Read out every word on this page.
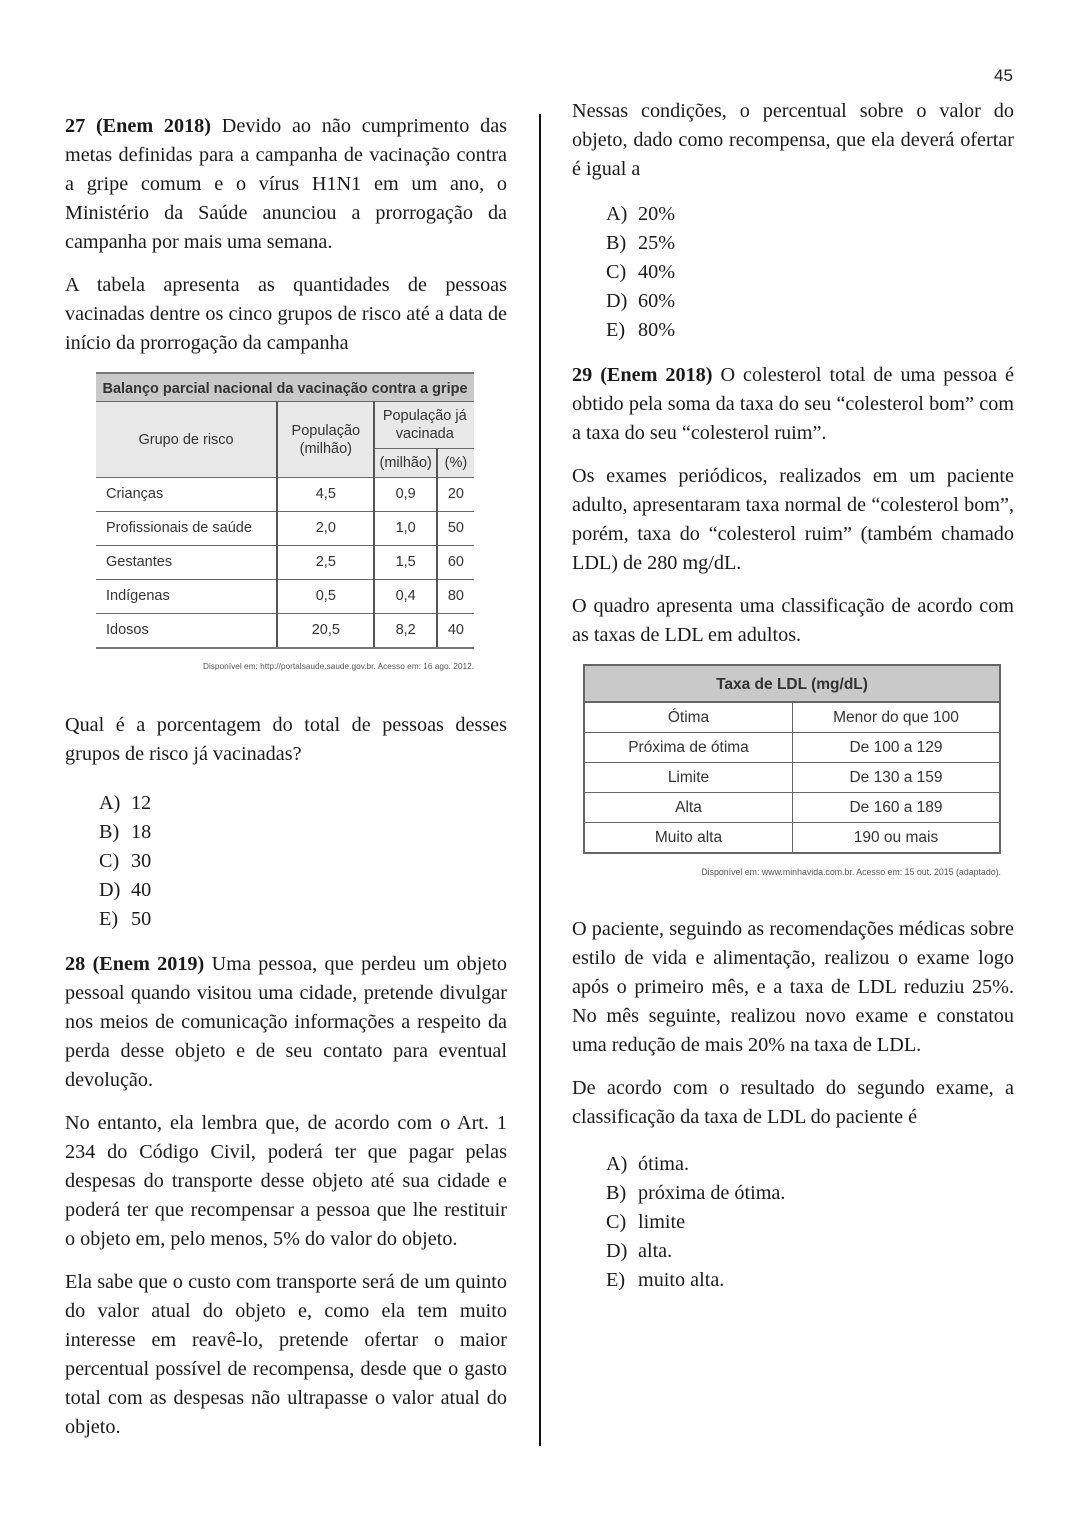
45

27 (Enem 2018) Devido ao não cumprimento das metas definidas para a campanha de vacinação contra a gripe comum e o vírus H1N1 em um ano, o Ministério da Saúde anunciou a prorrogação da campanha por mais uma semana.

A tabela apresenta as quantidades de pessoas vacinadas dentre os cinco grupos de risco até a data de início da prorrogação da campanha

Balanço parcial nacional da vacinação contra a gripe			
Grupo de risco	População (milhão)	População já vacinada	
		(milhão)	(%)
Crianças	4,5	0,9	20
Profissionais de saúde	2,0	1,0	50
Gestantes	2,5	1,5	60
Indígenas	0,5	0,4	80
Idosos	20,5	8,2	40
Disponível em: http://portalsaude.saude.gov.br. Acesso em: 16 ago. 2012.

Qual é a porcentagem do total de pessoas desses grupos de risco já vacinadas?

A) 12
B) 18
C) 30
D) 40
E) 50

28 (Enem 2019) Uma pessoa, que perdeu um objeto pessoal quando visitou uma cidade, pretende divulgar nos meios de comunicação informações a respeito da perda desse objeto e de seu contato para eventual devolução.

No entanto, ela lembra que, de acordo com o Art. 1 234 do Código Civil, poderá ter que pagar pelas despesas do transporte desse objeto até sua cidade e poderá ter que recompensar a pessoa que lhe restituir o objeto em, pelo menos, 5% do valor do objeto.

Ela sabe que o custo com transporte será de um quinto do valor atual do objeto e, como ela tem muito interesse em reavê-lo, pretende ofertar o maior percentual possível de recompensa, desde que o gasto total com as despesas não ultrapasse o valor atual do objeto.

Nessas condições, o percentual sobre o valor do objeto, dado como recompensa, que ela deverá ofertar é igual a

A) 20%
B) 25%
C) 40%
D) 60%
E) 80%

29 (Enem 2018) O colesterol total de uma pessoa é obtido pela soma da taxa do seu “colesterol bom” com a taxa do seu “colesterol ruim”.

Os exames periódicos, realizados em um paciente adulto, apresentaram taxa normal de “colesterol bom”, porém, taxa do “colesterol ruim” (também chamado LDL) de 280 mg/dL.

O quadro apresenta uma classificação de acordo com as taxas de LDL em adultos.

Taxa de LDL (mg/dL)	
Ótima	Menor do que 100
Próxima de ótima	De 100 a 129
Limite	De 130 a 159
Alta	De 160 a 189
Muito alta	190 ou mais
Disponível em: www.minhavida.com.br. Acesso em: 15 out. 2015 (adaptado).

O paciente, seguindo as recomendações médicas sobre estilo de vida e alimentação, realizou o exame logo após o primeiro mês, e a taxa de LDL reduziu 25%. No mês seguinte, realizou novo exame e constatou uma redução de mais 20% na taxa de LDL.

De acordo com o resultado do segundo exame, a classificação da taxa de LDL do paciente é

A) ótima.
B) próxima de ótima.
C) limite
D) alta.
E) muito alta.
